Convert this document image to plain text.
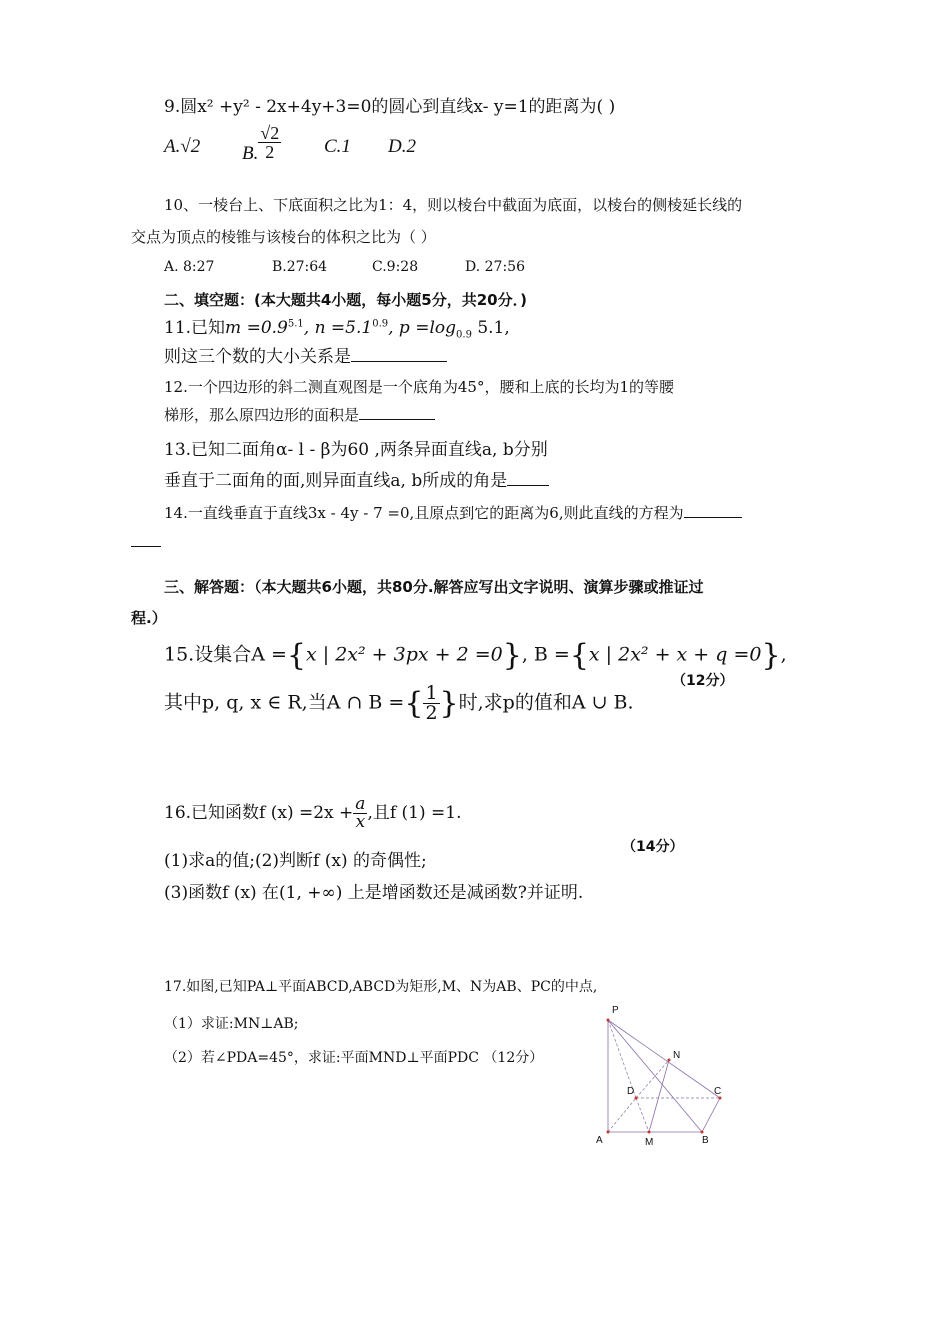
9.圆x² +y² - 2x+4y+3=0的圆心到直线x- y=1的距离为( )
A.√2 B. $\frac{√2}{2} C.1$ D.2
10、一棱台上、下底面积之比为1：4，则以棱台中截面为底面，以棱台的侧棱延长线的
交点为顶点的棱锥与该棱台的体积之比为（ ）
A. 8:27	B.27:64	C.9:28	D. 27:56
二、填空题：(本大题共4小题，每小题5分，共20分．)
11.已知$m =0.9^{5.1}$, $n =5.1^{0.9}$, $p =\log_{0.9}$ 5.1,
则这三个数的大小关系是
12.一个四边形的斜二测直观图是一个底角为45°，腰和上底的长均为1的等腰
梯形，那么原四边形的面积是
13.已知二面角α- l - β为60 ,两条异面直线a, b分别
垂直于二面角的面,则异面直线a, b所成的角是
14.一直线垂直于直线3x - 4y - 7 =0,且原点到它的距离为6,则此直线的方程为
三、解答题：（本大题共6小题，共80分.解答应写出文字说明、演算步骤或推证过
程.）
15.设集合A ={x | 2x² + 3px + 2 =0}, B ={x | 2x² + x + q =0},
（12分）
其中p, q, x ∈ R,当A ∩ B ={ $\frac{1}{2}$ }时,求p的值和A ∪ B.
16.已知函数f $(x) =2x + \frac{a}{x}$ ,且f (1) =1.
（14分）
(1)求a的值;(2)判断f (x) 的奇偶性;
(3)函数f (x) 在(1, +∞) 上是增函数还是减函数?并证明.
17.如图,已知PA⊥平面ABCD,ABCD为矩形,M、N为AB、PC的中点,
（1）求证:MN⊥AB;
（2）若∠PDA=45°，求证:平面MND⊥平面PDC （12分）
P
N
D	C
A	M	B
